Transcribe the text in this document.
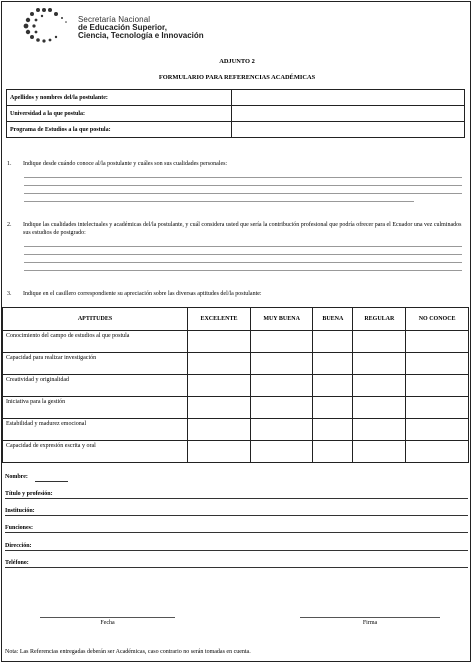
Secretaría Nacional
de Educación Superior,
Ciencia, Tecnología e Innovación
ADJUNTO 2
FORMULARIO PARA REFERENCIAS ACADÉMICAS
Apellidos y nombres del/la postulante:	
Universidad a la que postula:	
Programa de Estudios a la que postula:	
1. Indique desde cuándo conoce al/la postulante y cuáles son sus cualidades personales:
2. Indique las cualidades intelectuales y académicas del/la postulante, y cuál considera usted que sería la contribución profesional que podría ofrecer para el Ecuador una vez culminados sus estudios de postgrado:
3. Indique en el casillero correspondiente su apreciación sobre las diversas aptitudes del/la postulante:
APTITUDES	EXCELENTE	MUY BUENA	BUENA	REGULAR	NO CONOCE
Conocimiento del campo de estudios al que postula					
Capacidad para realizar investigación					
Creatividad y originalidad					
Iniciativa para la gestión					
Estabilidad y madurez emocional					
Capacidad de expresión escrita y oral					
Nombre:
Título y profesión:
Institución:
Funciones:
Dirección:
Teléfono:
Fecha	Firma
Nota: Las Referencias entregadas deberán ser Académicas, caso contrario no serán tomadas en cuenta.
